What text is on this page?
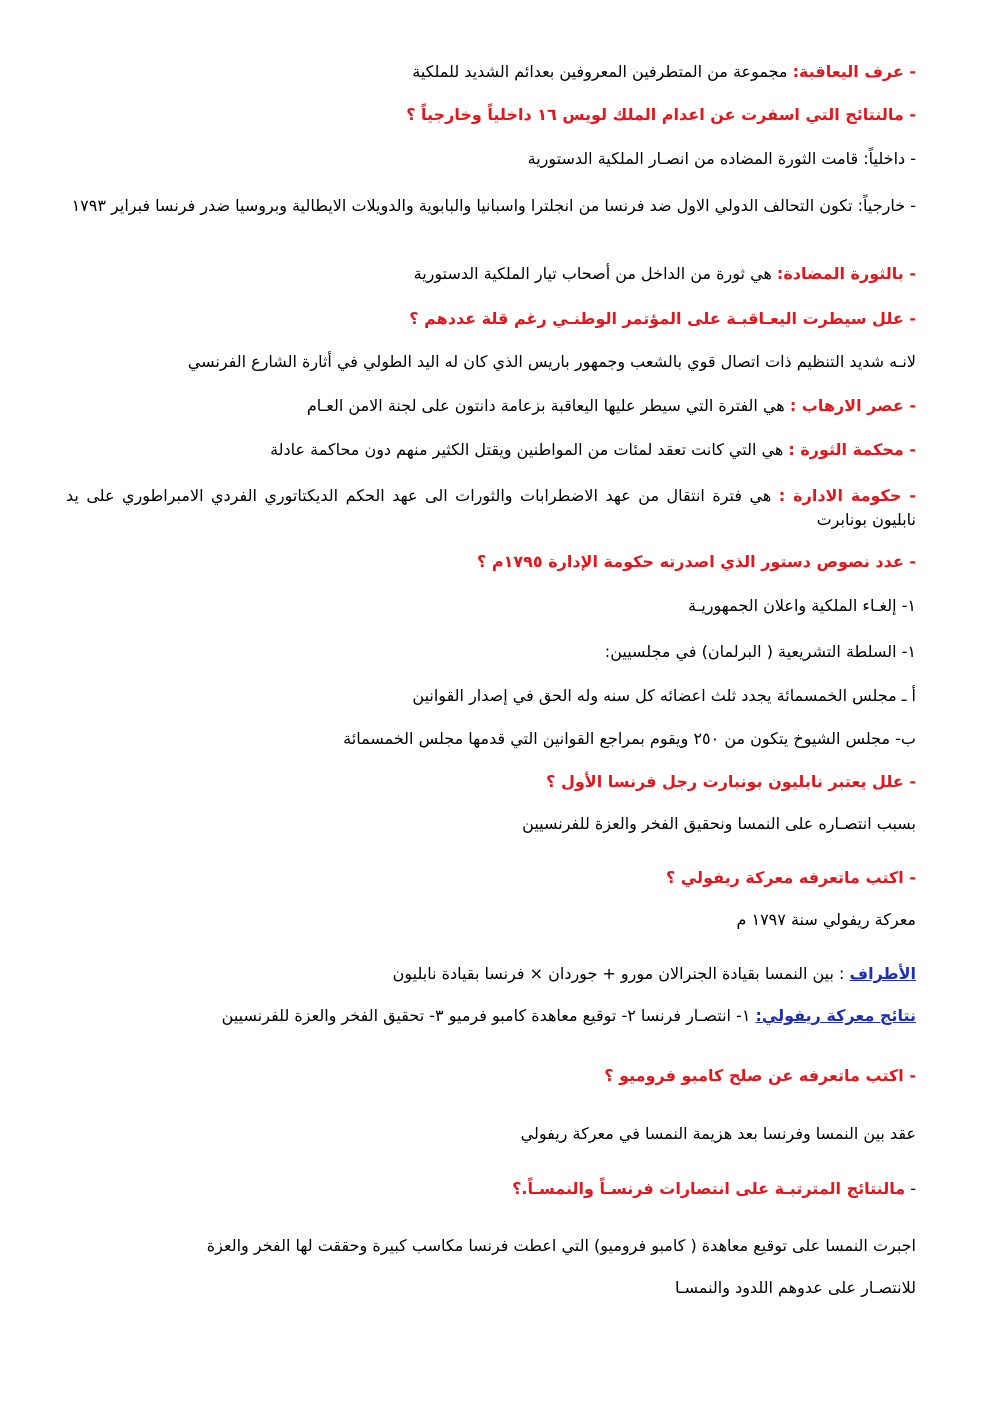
- عرف اليعاقبة: مجموعة من المتطرفين المعروفين بعدائم الشديد للملكية
- مالنتائج التي اسفرت عن اعدام الملك لويس ١٦ داخلياً وخارجياً ؟
- داخلياً: قامت الثورة المضاده من انصـار الملكية الدستورية
- خارجياً: تكون التحالف الدولي الاول ضد فرنسا من انجلترا واسبانيا والبابوية والدويلات الايطالية وبروسيا ضدر فرنسا فبراير ١٧٩٣
- بالثورة المضادة: هي ثورة من الداخل من أصحاب تيار الملكية الدستورية
- علل سيطرت اليعـاقبـة على المؤتمر الوطنـي رغم قلة عددهم ؟
لانـه شديد التنظيم ذات اتصال قوي بالشعب وجمهور باريس الذي كان له اليد الطولي في أثارة الشارع الفرنسي
- عصر الارهاب : هي الفترة التي سيطر عليها اليعاقبة بزعامة دانتون على لجنة الامن العـام
- محكمة الثورة : هي التي كانت تعقد لمئات من المواطنين ويقتل الكثير منهم دون محاكمة عادلة
- حكومة الادارة : هي فترة انتقال من عهد الاضطرابات والثورات الى عهد الحكم الديكتاتوري الفردي الامبراطوري على يد نابليون بونابرت
- عدد نصوص دستور الذي اصدرته حكومة الإدارة ١٧٩٥م ؟
١- إلغـاء الملكية واعلان الجمهوريـة
١- السلطة التشريعية ( البرلمان) في مجلسيين:
أ ـ مجلس الخمسمائة يجدد ثلث اعضائه كل سنه وله الحق في إصدار القوانين
ب- مجلس الشيوخ يتكون من ٢٥٠ ويقوم بمراجع القوانين التي قدمها مجلس الخمسمائة
- علل يعتبر نابليون بونبارت رجل فرنسا الأول ؟
بسبب انتصـاره على النمسا ونحقيق الفخر والعزة للفرنسيين
- اكتب ماتعرفه معركة ريفولي ؟
معركة ريفولي سنة ١٧٩٧ م
الأطراف : بين النمسا بقيادة الجنرالان مورو + جوردان × فرنسا بقيادة نابليون
نتائج معركة ريفولي: ١- انتصـار فرنسا ٢- توقيع معاهدة كامبو فرميو ٣- تحقيق الفخر والعزة للفرنسيين
- اكتب ماتعرفه عن صلح كامبو فروميو ؟
عقد بين النمسا وفرنسا بعد هزيمة النمسا في معركة ريفولي
- مالنتائج المترتبـة على انتصارات فرنسـاً والنمسـاً.؟
اجبرت النمسا على توقيع معاهدة ( كامبو فروميو) التي اعطت فرنسا مكاسب كبيرة وحققت لها الفخر والعزة
للانتصـار على عدوهم اللدود والنمسـا
